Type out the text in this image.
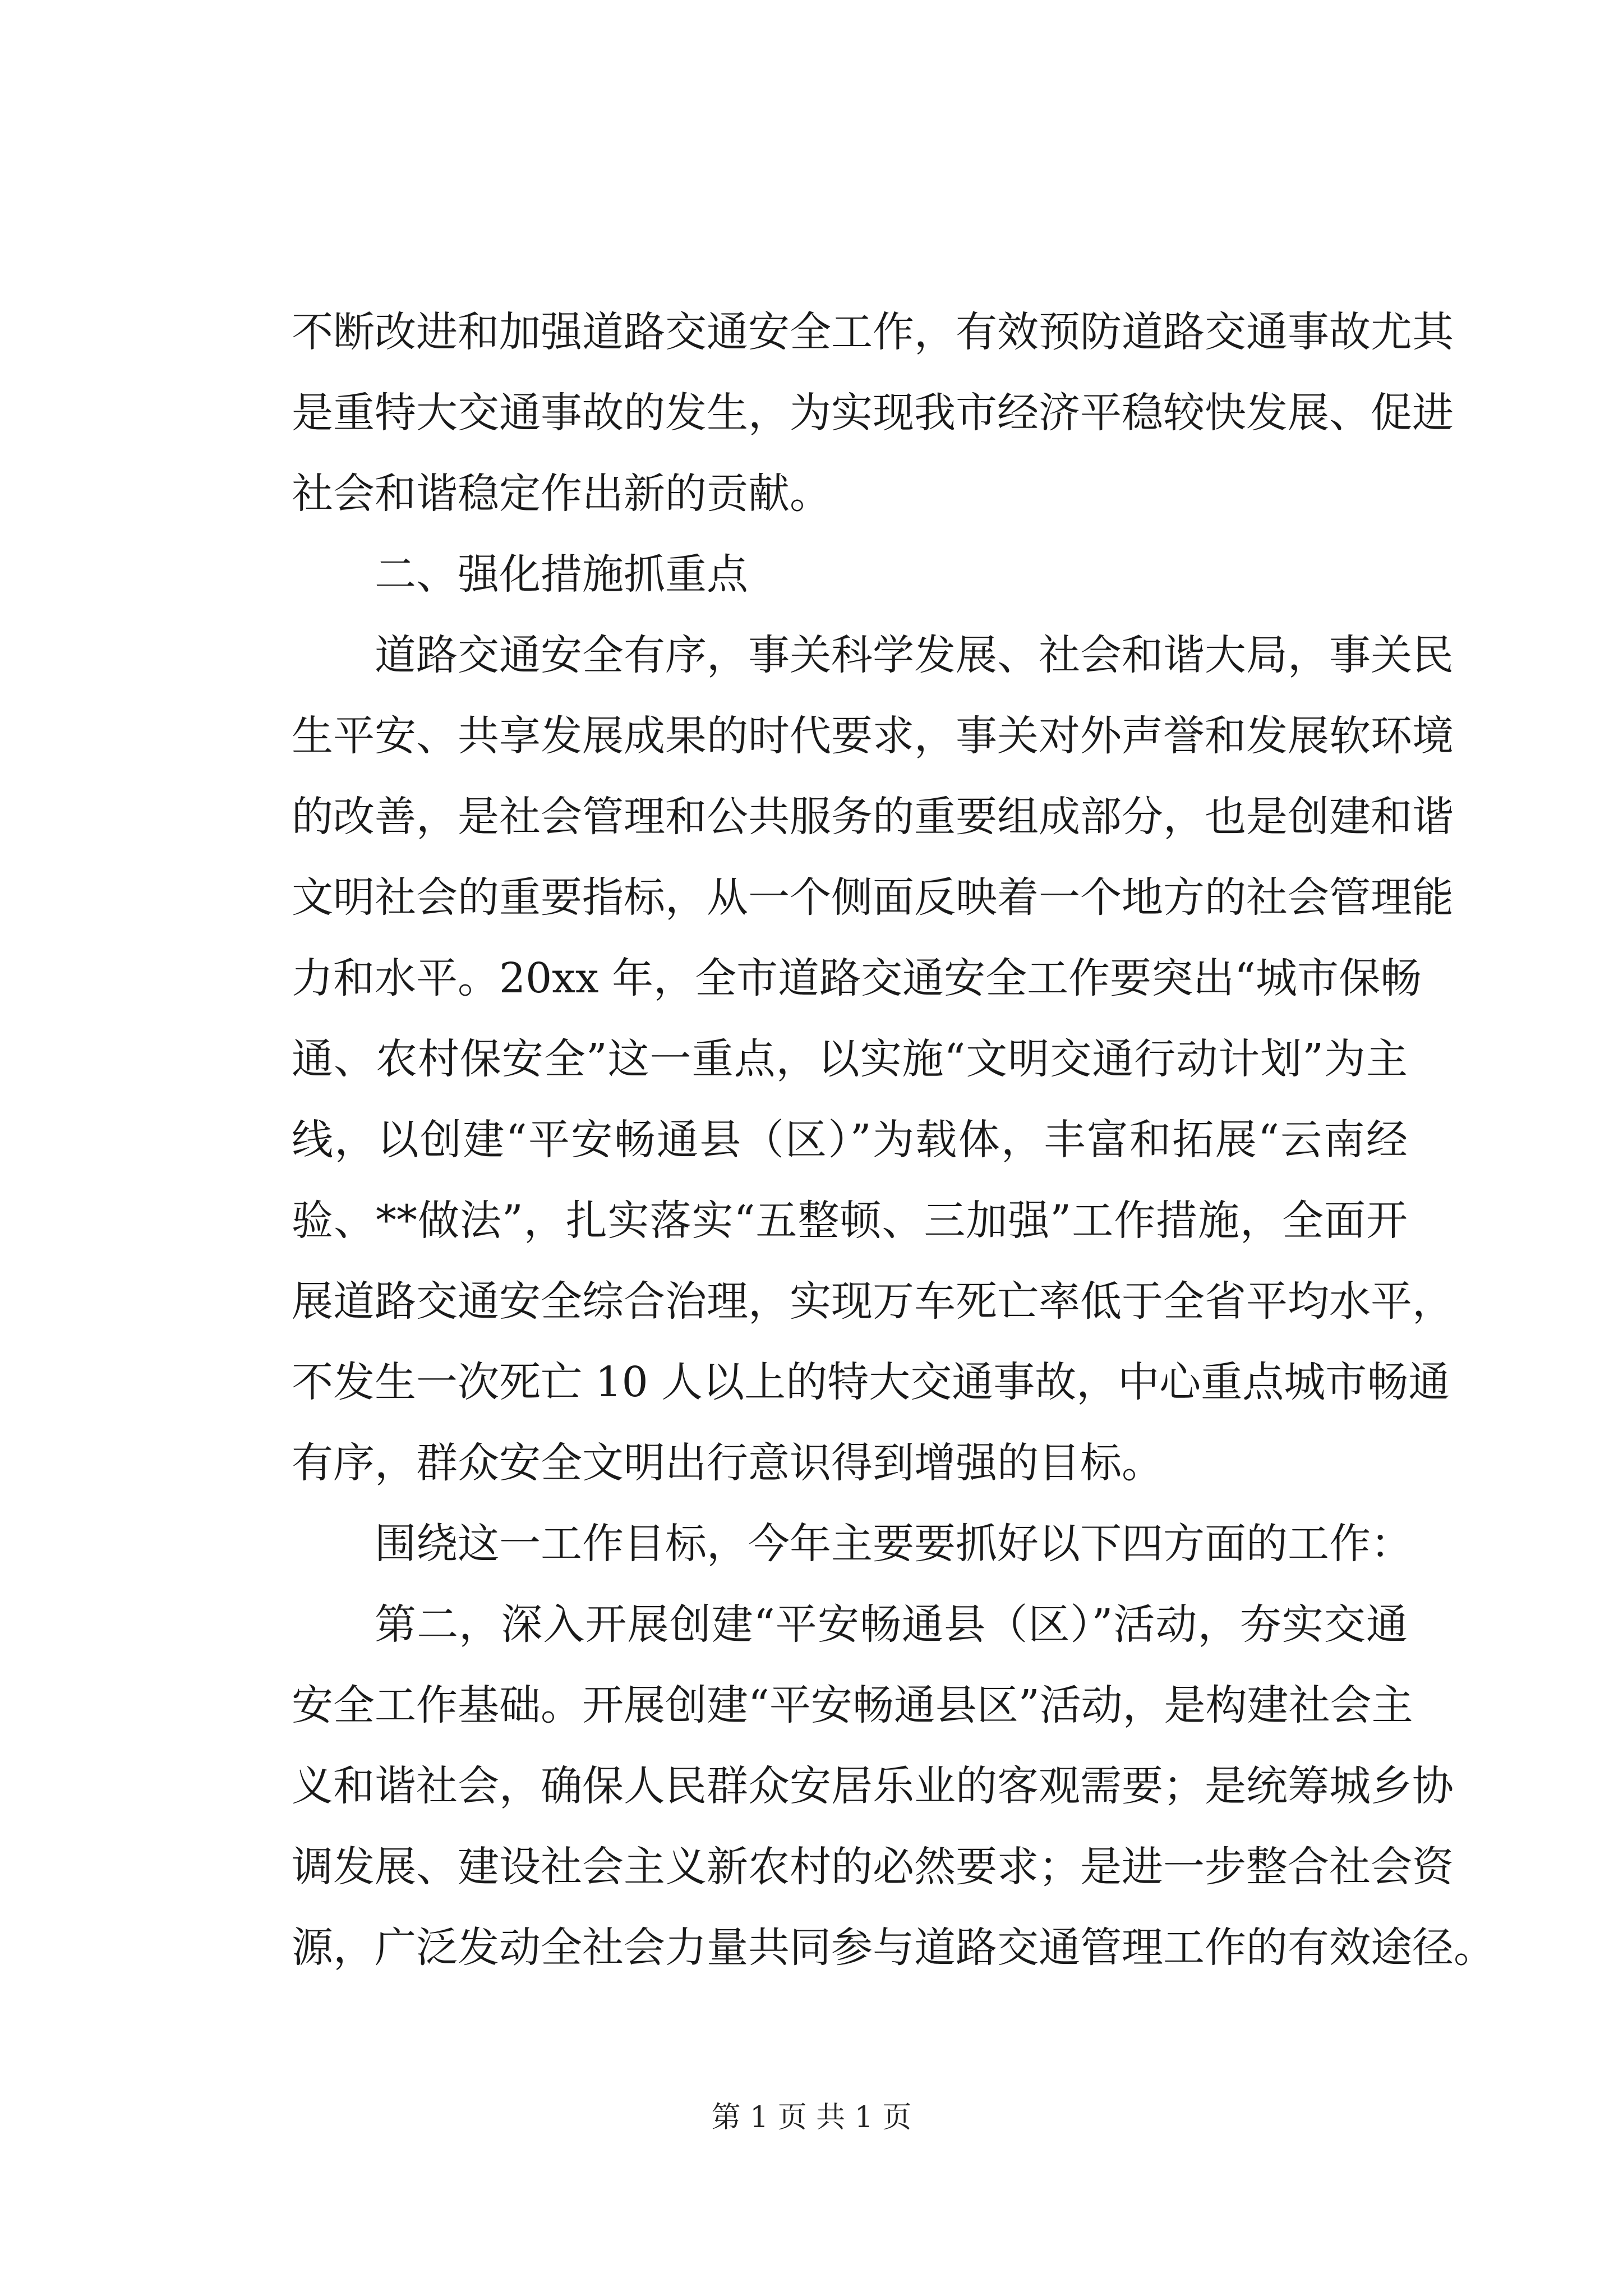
不断改进和加强道路交通安全工作，有效预防道路交通事故尤其
是重特大交通事故的发生，为实现我市经济平稳较快发展、促进
社会和谐稳定作出新的贡献。
二、强化措施抓重点
道路交通安全有序，事关科学发展、社会和谐大局，事关民
生平安、共享发展成果的时代要求，事关对外声誉和发展软环境
的改善，是社会管理和公共服务的重要组成部分，也是创建和谐
文明社会的重要指标，从一个侧面反映着一个地方的社会管理能
力和水平。20xx 年，全市道路交通安全工作要突出“城市保畅
通、农村保安全”这一重点，以实施“文明交通行动计划”为主
线，以创建“平安畅通县（区）”为载体，丰富和拓展“云南经
验、**做法”，扎实落实“五整顿、三加强”工作措施，全面开
展道路交通安全综合治理，实现万车死亡率低于全省平均水平，
不发生一次死亡 10 人以上的特大交通事故，中心重点城市畅通
有序，群众安全文明出行意识得到增强的目标。
围绕这一工作目标，今年主要要抓好以下四方面的工作：
第二，深入开展创建“平安畅通县（区）”活动，夯实交通
安全工作基础。开展创建“平安畅通县区”活动，是构建社会主
义和谐社会，确保人民群众安居乐业的客观需要；是统筹城乡协
调发展、建设社会主义新农村的必然要求；是进一步整合社会资
源，广泛发动全社会力量共同参与道路交通管理工作的有效途径。
第 1 页 共 1 页
